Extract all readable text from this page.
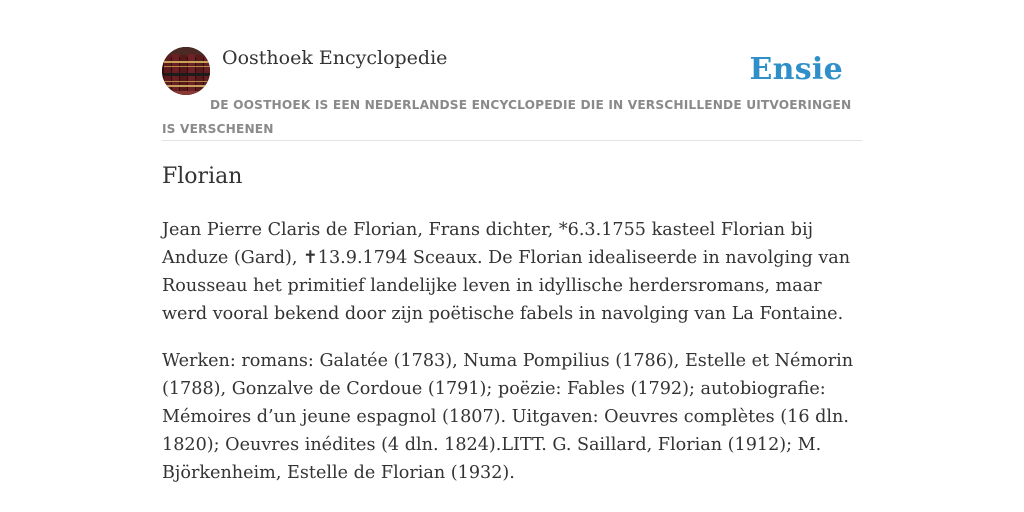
Oosthoek Encyclopedie	Ensie
DE OOSTHOEK IS EEN NEDERLANDSE ENCYCLOPEDIE DIE IN VERSCHILLENDE UITVOERINGEN IS VERSCHENEN
Florian

Jean Pierre Claris de Florian, Frans dichter, *6.3.1755 kasteel Florian bij Anduze (Gard), ✝13.9.1794 Sceaux. De Florian idealiseerde in navolging van Rousseau het primitief landelijke leven in idyllische herdersromans, maar werd vooral bekend door zijn poëtische fabels in navolging van La Fontaine.

Werken: romans: Galatée (1783), Numa Pompilius (1786), Estelle et Némorin (1788), Gonzalve de Cordoue (1791); poëzie: Fables (1792); autobiografie: Mémoires d’un jeune espagnol (1807). Uitgaven: Oeuvres complètes (16 dln. 1820); Oeuvres inédites (4 dln. 1824).LITT. G. Saillard, Florian (1912); M. Björkenheim, Estelle de Florian (1932).
